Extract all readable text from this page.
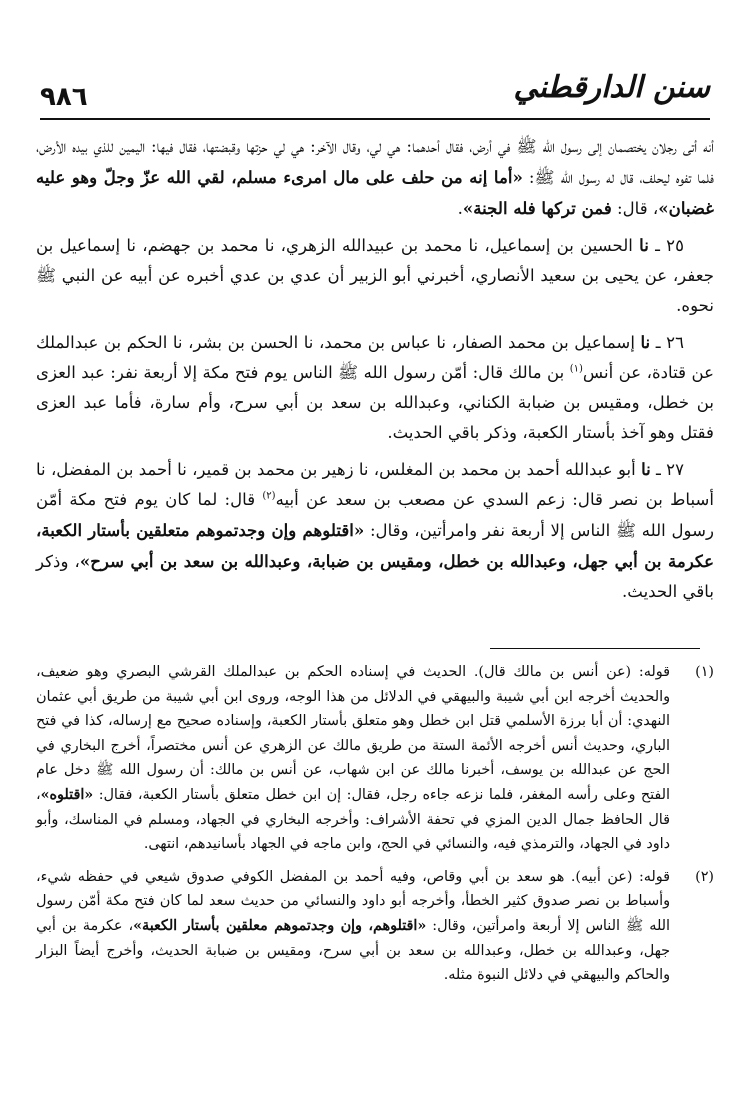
٩٨٦	سنن الدارقطني

أنه أتى رجلان يختصمان إلى رسول الله ﷺ في أرض، فقال أحدهما: هي لي، وقال الآخر: هي لي حزتها وقبضتها، فقال فيها: اليمين للذي بيده الأرض، فلما تفوه ليحلف، قال له رسول الله ﷺ: «أما إنه من حلف على مال امرىء مسلم، لقي الله عزّ وجلّ وهو عليه غضبان»، قال: فمن تركها فله الجنة».

٢٥ ـ نا الحسين بن إسماعيل، نا محمد بن عبيدالله الزهري، نا محمد بن جهضم، نا إسماعيل بن جعفر، عن يحيى بن سعيد الأنصاري، أخبرني أبو الزبير أن عدي بن عدي أخبره عن أبيه عن النبي ﷺ نحوه.

٢٦ ـ نا إسماعيل بن محمد الصفار، نا عباس بن محمد، نا الحسن بن بشر، نا الحكم بن عبدالملك عن قتادة، عن أنس$^{(١)}$ بن مالك قال: أمّن رسول الله ﷺ الناس يوم فتح مكة إلا أربعة نفر: عبد العزى بن خطل، ومقيس بن ضبابة الكناني، وعبدالله بن سعد بن أبي سرح، وأم سارة، فأما عبد العزى فقتل وهو آخذ بأستار الكعبة، وذكر باقي الحديث.

٢٧ ـ نا أبو عبدالله أحمد بن محمد بن المغلس، نا زهير بن محمد بن قمير، نا أحمد بن المفضل، نا أسباط بن نصر قال: زعم السدي عن مصعب بن سعد عن أبيه$^{(٢)}$ قال: لما كان يوم فتح مكة أمّن رسول الله ﷺ الناس إلا أربعة نفر وامرأتين، وقال: «اقتلوهم وإن وجدتموهم متعلقين بأستار الكعبة، عكرمة بن أبي جهل، وعبدالله بن خطل، ومقيس بن ضبابة، وعبدالله بن سعد بن أبي سرح»، وذكر باقي الحديث.

(١)
قوله: (عن أنس بن مالك قال). الحديث في إسناده الحكم بن عبدالملك القرشي البصري وهو ضعيف، والحديث أخرجه ابن أبي شيبة والبيهقي في الدلائل من هذا الوجه، وروى ابن أبي شيبة من طريق أبي عثمان النهدي: أن أبا برزة الأسلمي قتل ابن خطل وهو متعلق بأستار الكعبة، وإسناده صحيح مع إرساله، كذا في فتح الباري، وحديث أنس أخرجه الأئمة الستة من طريق مالك عن الزهري عن أنس مختصراً، أخرج البخاري في الحج عن عبدالله بن يوسف، أخبرنا مالك عن ابن شهاب، عن أنس بن مالك: أن رسول الله ﷺ دخل عام الفتح وعلى رأسه المغفر، فلما نزعه جاءه رجل، فقال: إن ابن خطل متعلق بأستار الكعبة، فقال: «اقتلوه»، قال الحافظ جمال الدين المزي في تحفة الأشراف: وأخرجه البخاري في الجهاد، ومسلم في المناسك، وأبو داود في الجهاد، والترمذي فيه، والنسائي في الحج، وابن ماجه في الجهاد بأسانيدهم، انتهى.
(٢)
قوله: (عن أبيه). هو سعد بن أبي وقاص، وفيه أحمد بن المفضل الكوفي صدوق شيعي في حفظه شيء، وأسباط بن نصر صدوق كثير الخطأ، وأخرجه أبو داود والنسائي من حديث سعد لما كان فتح مكة أمّن رسول الله ﷺ الناس إلا أربعة وامرأتين، وقال: «اقتلوهم، وإن وجدتموهم معلقين بأستار الكعبة»، عكرمة بن أبي جهل، وعبدالله بن خطل، وعبدالله بن سعد بن أبي سرح، ومقيس بن ضبابة الحديث، وأخرج أيضاً البزار والحاكم والبيهقي في دلائل النبوة مثله.
